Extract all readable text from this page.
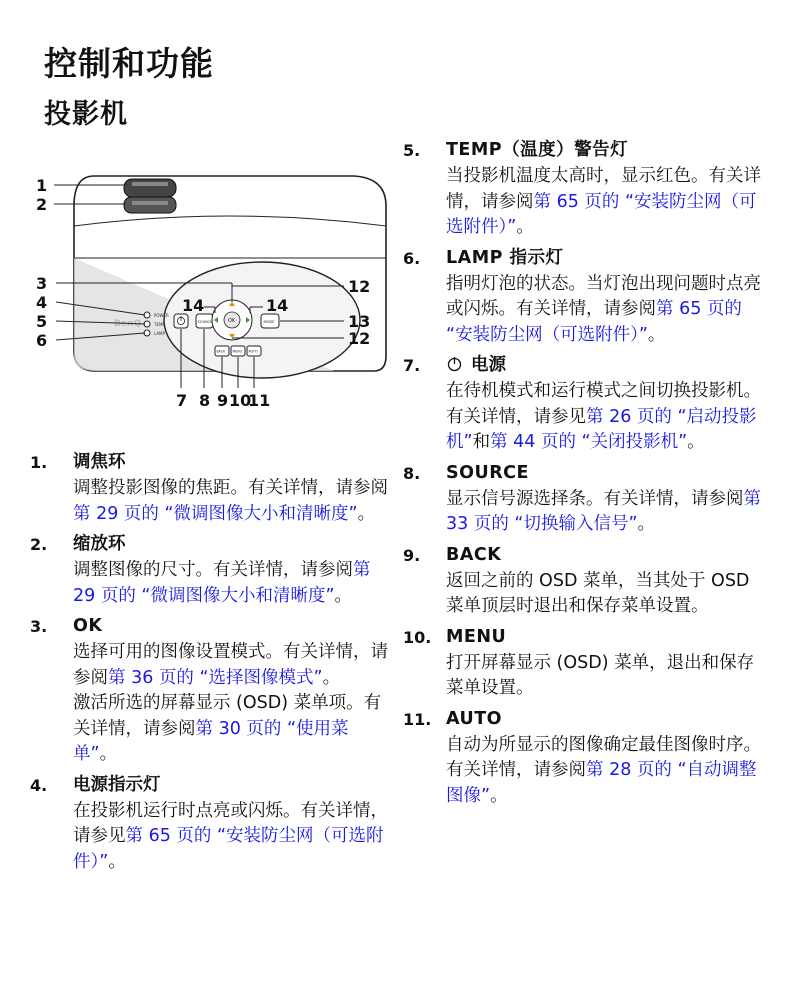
控制和功能
投影机
POWER
TEMP
LAMP
BenQ	SOURCE	OK	MODE
BACK MENU AUTO
1
2
3
4
5
6
7 8 9 10
11
12
12
13
14	14
1. 调焦环

调整投影图像的焦距。有关详情，请参阅第 29 页的 “微调图像大小和清晰度”。

2. 缩放环

调整图像的尺寸。有关详情，请参阅第 29 页的 “微调图像大小和清晰度”。

3. OK

选择可用的图像设置模式。有关详情，请参阅第 36 页的 “选择图像模式”。

激活所选的屏幕显示 (OSD) 菜单项。有关详情，请参阅第 30 页的 “使用菜单”。

4. 电源指示灯

在投影机运行时点亮或闪烁。有关详情，请参见第 65 页的 “安装防尘网（可选附件）”。

5. TEMP（温度）警告灯

当投影机温度太高时，显示红色。有关详情，请参阅第 65 页的 “安装防尘网（可选附件）”。

6. LAMP 指示灯

指明灯泡的状态。当灯泡出现问题时点亮或闪烁。有关详情，请参阅第 65 页的 “安装防尘网（可选附件）”。

7.	电源

在待机模式和运行模式之间切换投影机。有关详情，请参见第 26 页的 “启动投影机”和第 44 页的 “关闭投影机”。

8. SOURCE

显示信号源选择条。有关详情，请参阅第 33 页的 “切换输入信号”。

9. BACK

返回之前的 OSD 菜单，当其处于 OSD 菜单顶层时退出和保存菜单设置。

10. MENU

打开屏幕显示 (OSD) 菜单，退出和保存菜单设置。

11. AUTO

自动为所显示的图像确定最佳图像时序。有关详情，请参阅第 28 页的 “自动调整图像”。
